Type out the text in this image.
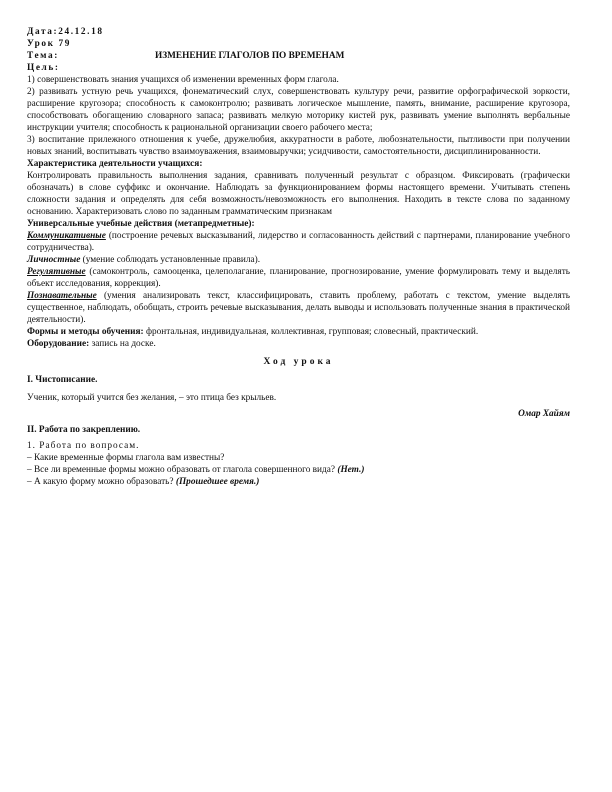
Дата:24.12.18
Урок 79
Тема:	ИЗМЕНЕНИЕ ГЛАГОЛОВ ПО ВРЕМЕНАМ
Цель:

1) совершенствовать знания учащихся об изменении временных форм глагола.

2) развивать устную речь учащихся, фонематический слух, совершенствовать культуру речи, развитие орфографической зоркости, расширение кругозора; способность к самоконтролю; развивать логическое мышление, память, внимание, расширение кругозора, способствовать обогащению словарного запаса; развивать мелкую моторику кистей рук, развивать умение выполнять вербальные инструкции учителя; способность к рациональной организации своего рабочего места;

3) воспитание прилежного отношения к учебе, дружелюбия, аккуратности в работе, любознательности, пытливости при получении новых знаний, воспитывать чувство взаимоуважения, взаимовыручки; усидчивости, самостоятельности, дисциплинированности.

Характеристика деятельности учащихся:

Контролировать правильность выполнения задания, сравнивать полученный результат с образцом. Фиксировать (графически обозначать) в слове суффикс и окончание. Наблюдать за функционированием формы настоящего времени. Учитывать степень сложности задания и определять для себя возможность/невозможность его выполнения. Находить в тексте слова по заданному основанию. Характеризовать слово по заданным грамматическим признакам

Универсальные учебные действия (метапредметные):

Коммуникативные (построение речевых высказываний, лидерство и согласованность действий с партнерами, планирование учебного сотрудничества).

Личностные (умение соблюдать установленные правила).

Регулятивные (самоконтроль, самооценка, целеполагание, планирование, прогнозирование, умение формулировать тему и выделять объект исследования, коррекция).

Познавательные (умения анализировать текст, классифицировать, ставить проблему, работать с текстом, умение выделять существенное, наблюдать, обобщать, строить речевые высказывания, делать выводы и использовать полученные знания в практической деятельности).

Формы и методы обучения: фронтальная, индивидуальная, коллективная, групповая; словесный, практический.

Оборудование: запись на доске.

Ход урока
I. Чистописание.
Ученик, который учится без желания, – это птица без крыльев.
Омар Хайям
II. Работа по закреплению.
1. Работа по вопросам.
– Какие временные формы глагола вам известны?
– Все ли временные формы можно образовать от глагола совершенного вида? (Нет.)
– А какую форму можно образовать? (Прошедшее время.)
